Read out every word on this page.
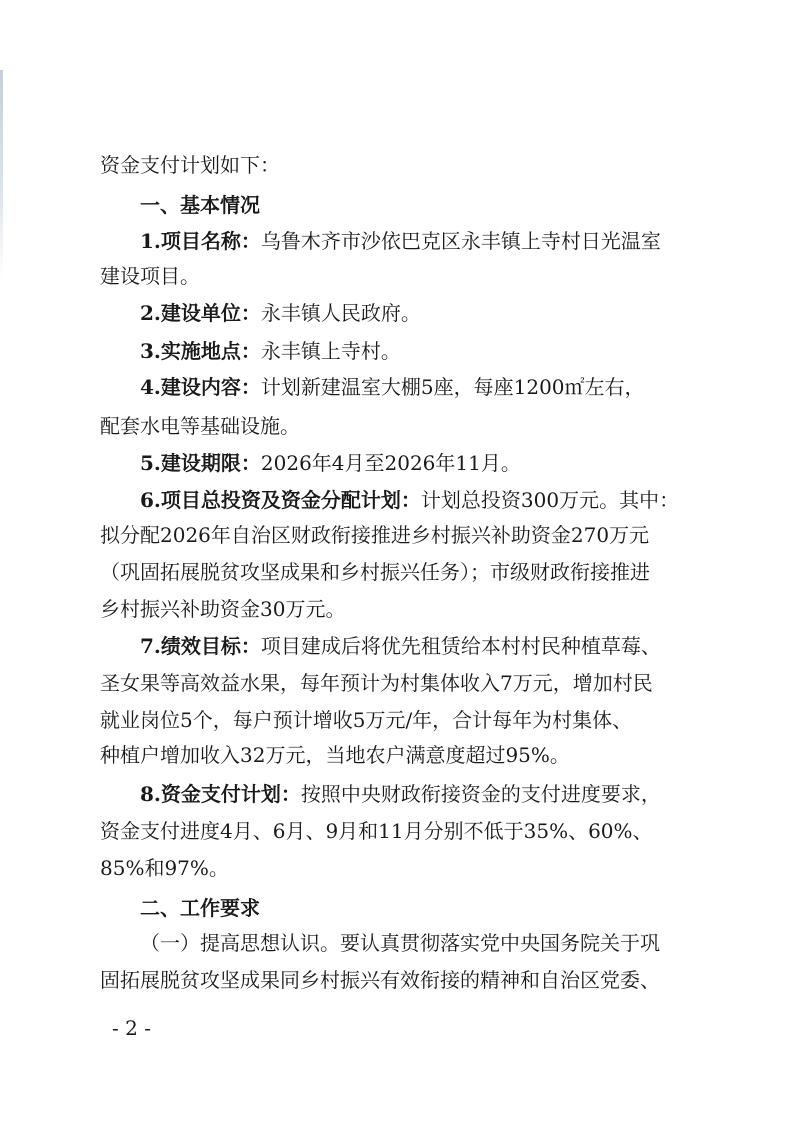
资金支付计划如下：
一、基本情况
1.项目名称：乌鲁木齐市沙依巴克区永丰镇上寺村日光温室
建设项目。
2.建设单位：永丰镇人民政府。
3.实施地点：永丰镇上寺村。
4.建设内容：计划新建温室大棚5座，每座1200㎡左右，
配套水电等基础设施。
5.建设期限：2026年4月至2026年11月。
6.项目总投资及资金分配计划：计划总投资300万元。其中：
拟分配2026年自治区财政衔接推进乡村振兴补助资金270万元
（巩固拓展脱贫攻坚成果和乡村振兴任务）；市级财政衔接推进
乡村振兴补助资金30万元。
7.绩效目标：项目建成后将优先租赁给本村村民种植草莓、
圣女果等高效益水果，每年预计为村集体收入7万元，增加村民
就业岗位5个，每户预计增收5万元/年，合计每年为村集体、
种植户增加收入32万元，当地农户满意度超过95%。
8.资金支付计划：按照中央财政衔接资金的支付进度要求，
资金支付进度4月、6月、9月和11月分别不低于35%、60%、
85%和97%。
二、工作要求
（一）提高思想认识。要认真贯彻落实党中央国务院关于巩
固拓展脱贫攻坚成果同乡村振兴有效衔接的精神和自治区党委、
- 2 -
